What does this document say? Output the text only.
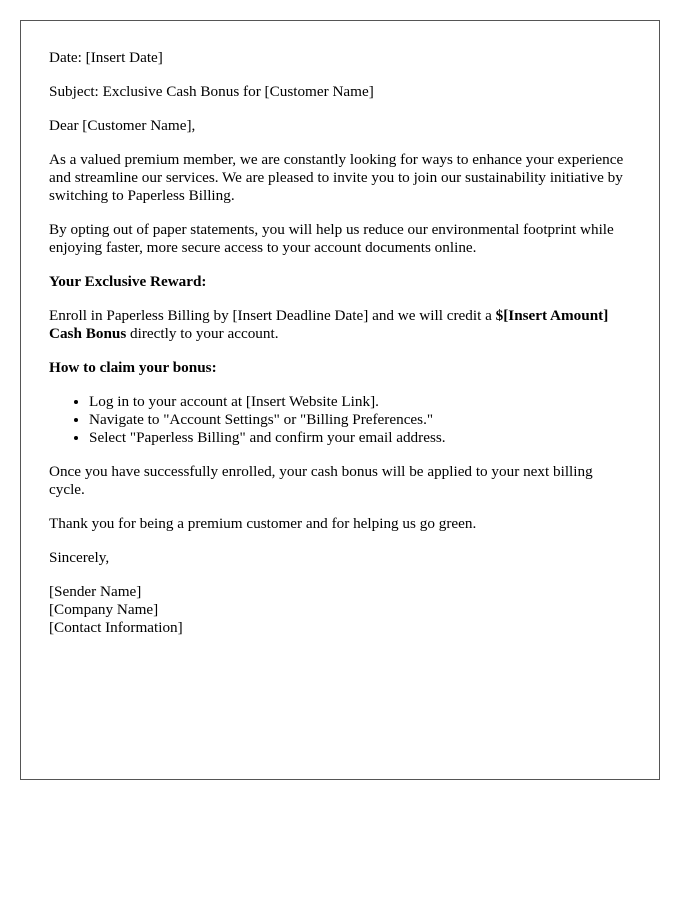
Date: [Insert Date]

Subject: Exclusive Cash Bonus for [Customer Name]

Dear [Customer Name],

As a valued premium member, we are constantly looking for ways to enhance your experience and streamline our services. We are pleased to invite you to join our sustainability initiative by switching to Paperless Billing.

By opting out of paper statements, you will help us reduce our environmental footprint while enjoying faster, more secure access to your account documents online.

Your Exclusive Reward:

Enroll in Paperless Billing by [Insert Deadline Date] and we will credit a $[Insert Amount] Cash Bonus directly to your account.

How to claim your bonus:

• Log in to your account at [Insert Website Link].
• Navigate to "Account Settings" or "Billing Preferences."
• Select "Paperless Billing" and confirm your email address.

Once you have successfully enrolled, your cash bonus will be applied to your next billing cycle.

Thank you for being a premium customer and for helping us go green.

Sincerely,

[Sender Name]

[Company Name]

[Contact Information]
